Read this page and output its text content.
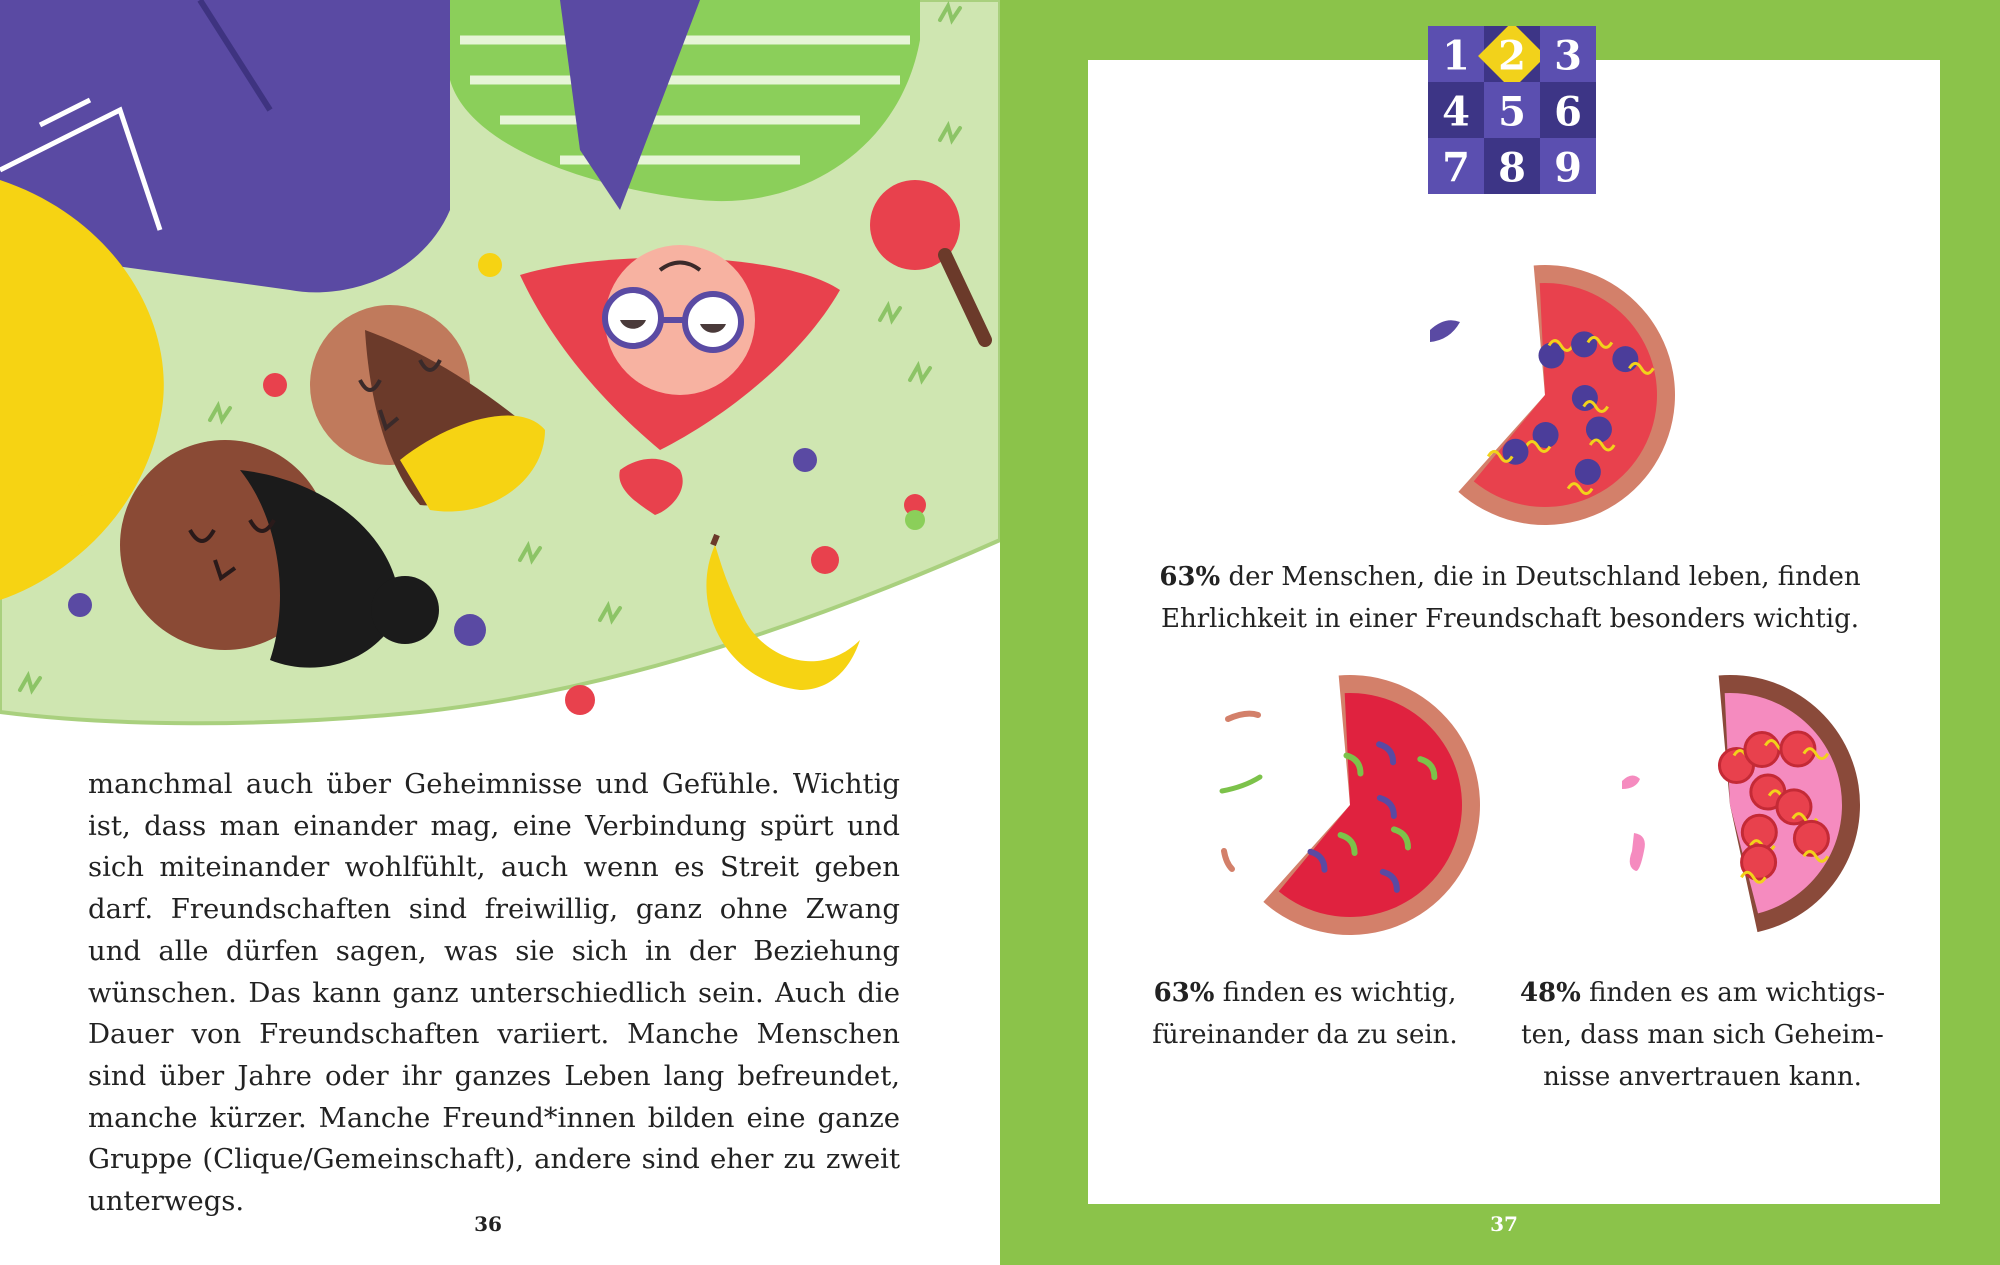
manchmal auch über Geheimnisse und Gefühle. Wichtig ist, dass man einander mag, eine Verbindung spürt und sich miteinander wohlfühlt, auch wenn es Streit geben darf. Freundschaften sind freiwillig, ganz ohne Zwang und alle dürfen sagen, was sie sich in der Beziehung wünschen. Das kann ganz unterschiedlich sein. Auch die Dauer von Freundschaften variiert. Manche Menschen sind über Jahre oder ihr ganzes Leben lang befreundet, manche kürzer. Manche Freund*innen bilden eine ganze Gruppe (Clique/Gemeinschaft), andere sind eher zu zweit unterwegs.

36	37
1 2 3
4 5 6
7 8 9

63% der Menschen, die in Deutschland leben, finden Ehrlichkeit in einer Freundschaft besonders wichtig.

63% finden es wichtig, füreinander da zu sein.

48% finden es am wichtigsten, dass man sich Geheimnisse anvertrauen kann.
